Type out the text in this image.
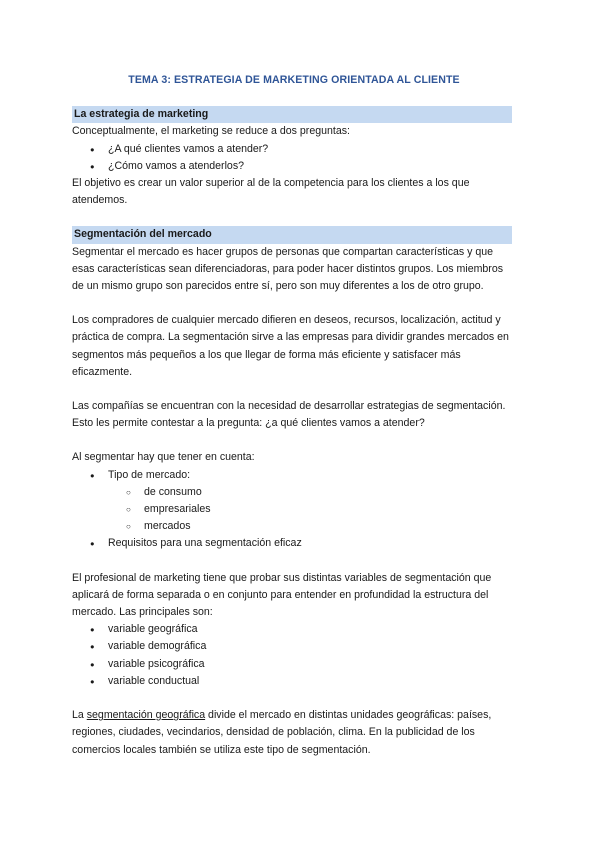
TEMA 3: ESTRATEGIA DE MARKETING ORIENTADA AL CLIENTE
La estrategia de marketing

Conceptualmente, el marketing se reduce a dos preguntas:

● ¿A qué clientes vamos a atender?
● ¿Cómo vamos a atenderlos?

El objetivo es crear un valor superior al de la competencia para los clientes a los que atendemos.

Segmentación del mercado

Segmentar el mercado es hacer grupos de personas que compartan características y que esas características sean diferenciadoras, para poder hacer distintos grupos. Los miembros de un mismo grupo son parecidos entre sí, pero son muy diferentes a los de otro grupo.

Los compradores de cualquier mercado difieren en deseos, recursos, localización, actitud y práctica de compra. La segmentación sirve a las empresas para dividir grandes mercados en segmentos más pequeños a los que llegar de forma más eficiente y satisfacer más eficazmente.

Las compañías se encuentran con la necesidad de desarrollar estrategias de segmentación. Esto les permite contestar a la pregunta: ¿a qué clientes vamos a atender?

Al segmentar hay que tener en cuenta:

● Tipo de mercado:
○ de consumo
○ empresariales
○ mercados
● Requisitos para una segmentación eficaz

El profesional de marketing tiene que probar sus distintas variables de segmentación que aplicará de forma separada o en conjunto para entender en profundidad la estructura del mercado. Las principales son:

● variable geográfica
● variable demográfica
● variable psicográfica
● variable conductual

La segmentación geográfica divide el mercado en distintas unidades geográficas: países, regiones, ciudades, vecindarios, densidad de población, clima. En la publicidad de los comercios locales también se utiliza este tipo de segmentación.
